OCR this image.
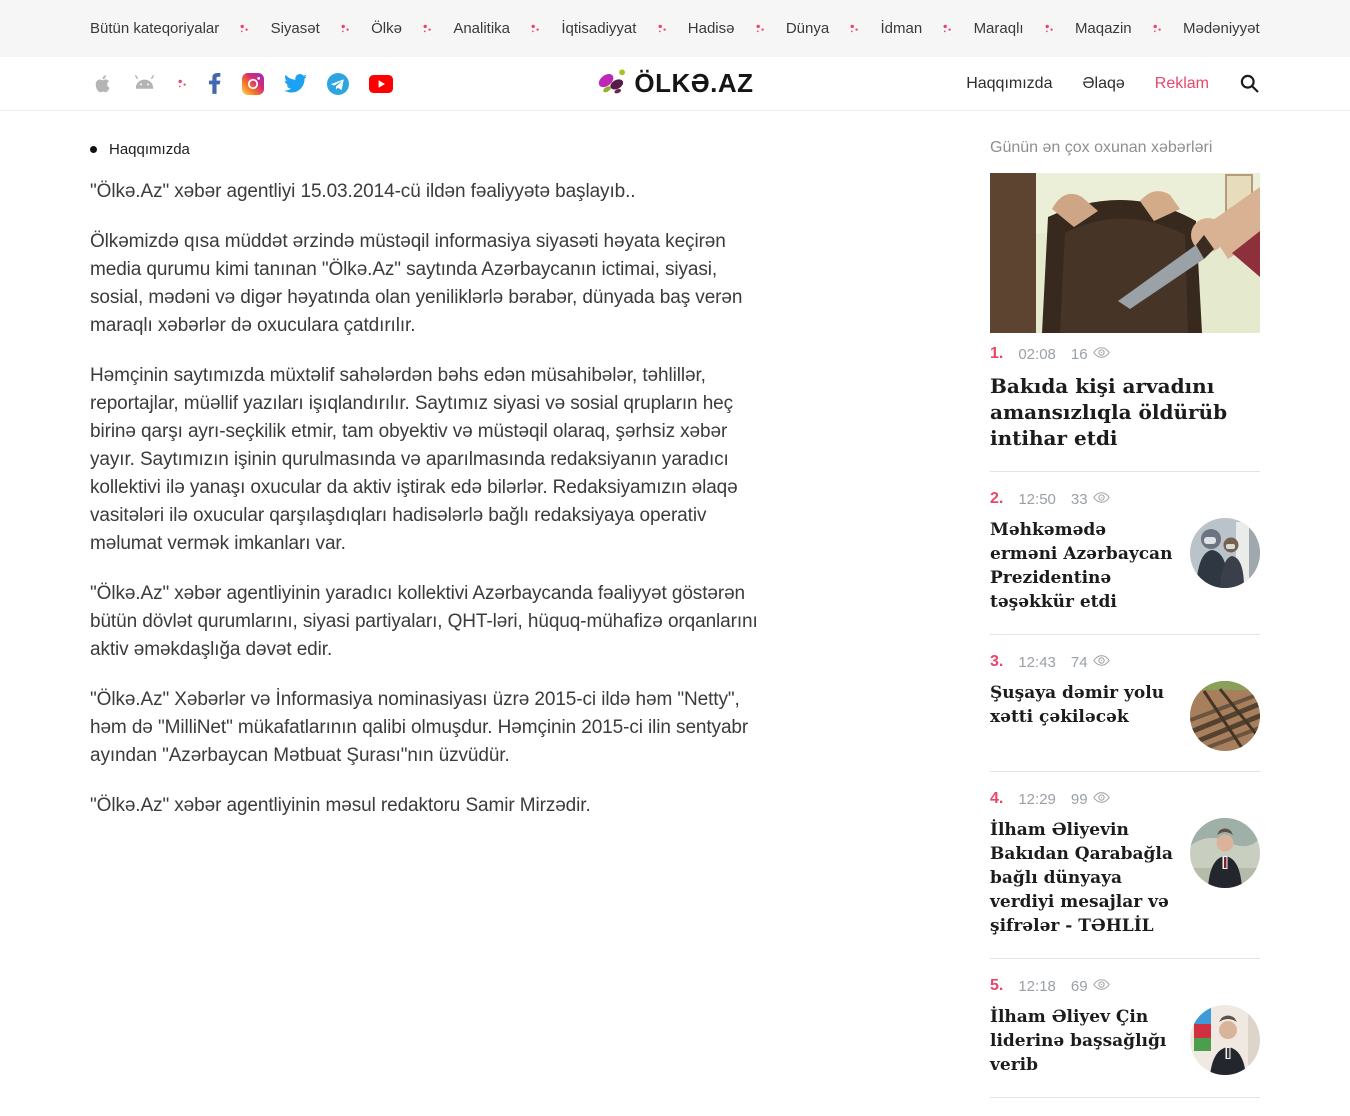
Bütün kateqoriyalar	Siyasət	Ölkə	Analitika	İqtisadiyyat	Hadisə	Dünya	İdman	Maraqlı	Maqazin	Mədəniyyət
ÖLKƏ.AZ	Haqqımızda Əlaqə Reklam
Haqqımızda

"Ölkə.Az" xəbər agentliyi 15.03.2014-cü ildən fəaliyyətə başlayıb..

Ölkəmizdə qısa müddət ərzində müstəqil informasiya siyasəti həyata keçirən media qurumu kimi tanınan "Ölkə.Az" saytında Azərbaycanın ictimai, siyasi, sosial, mədəni və digər həyatında olan yeniliklərlə bərabər, dünyada baş verən maraqlı xəbərlər də oxuculara çatdırılır.

Həmçinin saytımızda müxtəlif sahələrdən bəhs edən müsahibələr, təhlillər, reportajlar, müəllif yazıları işıqlandırılır. Saytımız siyasi və sosial qrupların heç birinə qarşı ayrı-seçkilik etmir, tam obyektiv və müstəqil olaraq, şərhsiz xəbər yayır. Saytımızın işinin qurulmasında və aparılmasında redaksiyanın yaradıcı kollektivi ilə yanaşı oxucular da aktiv iştirak edə bilərlər. Redaksiyamızın əlaqə vasitələri ilə oxucular qarşılaşdıqları hadisələrlə bağlı redaksiyaya operativ məlumat vermək imkanları var.

"Ölkə.Az" xəbər agentliyinin yaradıcı kollektivi Azərbaycanda fəaliyyət göstərən bütün dövlət qurumlarını, siyasi partiyaları, QHT-ləri, hüquq-mühafizə orqanlarını aktiv əməkdaşlığa dəvət edir.

"Ölkə.Az" Xəbərlər və İnformasiya nominasiyası üzrə 2015-ci ildə həm "Netty", həm də "MilliNet" mükafatlarının qalibi olmuşdur. Həmçinin 2015-ci ilin sentyabr ayından "Azərbaycan Mətbuat Şurası"nın üzvüdür.

"Ölkə.Az" xəbər agentliyinin məsul redaktoru Samir Mirzədir.

Günün ən çox oxunan xəbərləri
1. 02:08 16
Bakıda kişi arvadını amansızlıqla öldürüb intihar etdi
2. 12:50 33
Məhkəmədə erməni Azərbaycan Prezidentinə təşəkkür etdi
3. 12:43 74
Şuşaya dəmir yolu xətti çəkiləcək
4. 12:29 99
İlham Əliyevin Bakıdan Qarabağla bağlı dünyaya verdiyi mesajlar və şifrələr - TƏHLİL
5. 12:18 69
İlham Əliyev Çin liderinə başsağlığı verib
